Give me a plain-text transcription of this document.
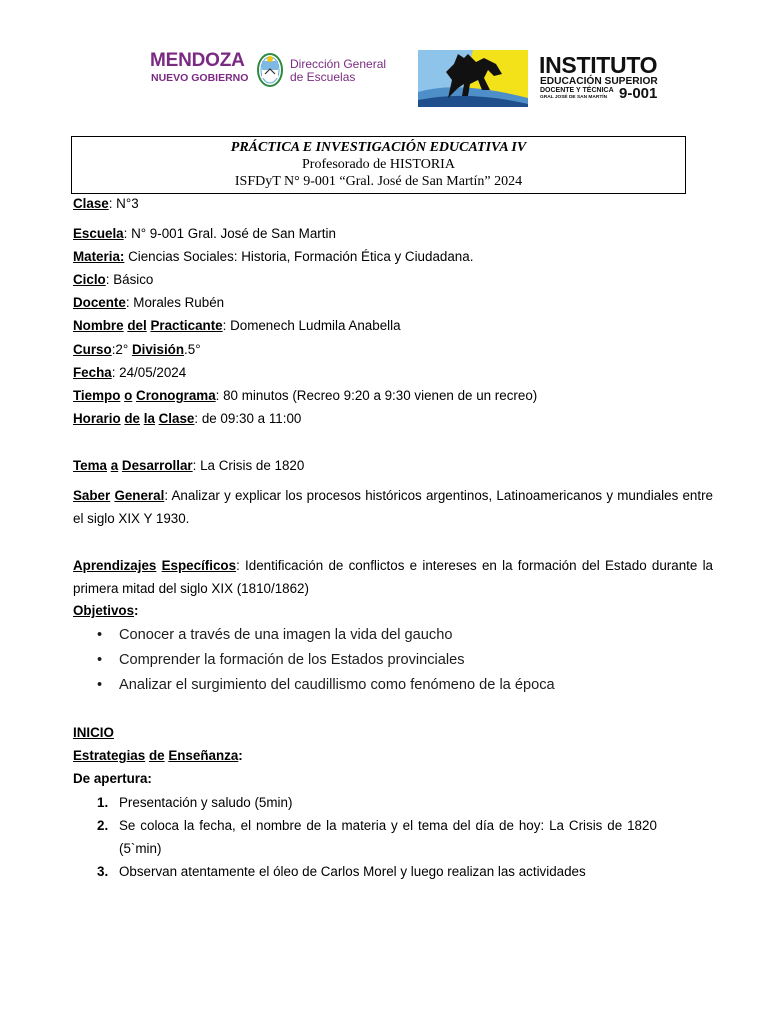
MENDOZA
NUEVO GOBIERNO
Dirección General
de Escuelas	INSTITUTO
EDUCACIÓN SUPERIOR
DOCENTE Y TÉCNICA
GRAL JOSÉ DE SAN MARTÍN 9-001
PRÁCTICA E INVESTIGACIÓN EDUCATIVA IV
Profesorado de HISTORIA
ISFDyT N° 9-001 “Gral. José de San Martín” 2024
Clase: N°3
Escuela: N° 9-001 Gral. José de San Martin
Materia: Ciencias Sociales: Historia, Formación Ética y Ciudadana.
Ciclo: Básico
Docente: Morales Rubén
Nombre del Practicante: Domenech Ludmila Anabella
Curso:2° División.5°
Fecha: 24/05/2024
Tiempo o Cronograma: 80 minutos (Recreo 9:20 a 9:30 vienen de un recreo)
Horario de la Clase: de 09:30 a 11:00
Tema a Desarrollar: La Crisis de 1820
Saber General: Analizar y explicar los procesos históricos argentinos, Latinoamericanos y mundiales entre el siglo XIX Y 1930.
Aprendizajes Específicos: Identificación de conflictos e intereses en la formación del Estado durante la primera mitad del siglo XIX (1810/1862)
Objetivos:
• Conocer a través de una imagen la vida del gaucho
• Comprender la formación de los Estados provinciales
• Analizar el surgimiento del caudillismo como fenómeno de la época
INICIO
Estrategias de Enseñanza:
De apertura:
1. Presentación y saludo (5min)
2. Se coloca la fecha, el nombre de la materia y el tema del día de hoy: La Crisis de 1820
(5`min)
3. Observan atentamente el óleo de Carlos Morel y luego realizan las actividades
